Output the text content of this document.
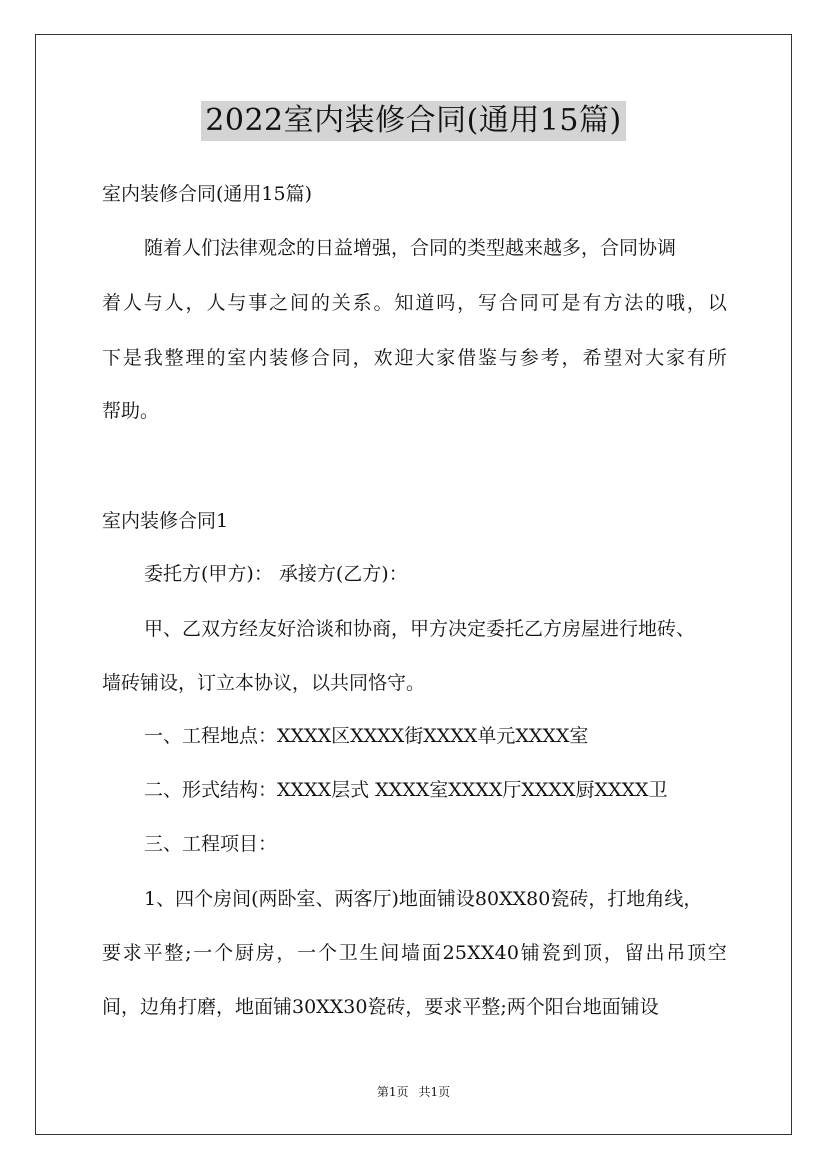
2022室内装修合同(通用15篇)
室内装修合同(通用15篇)
随着人们法律观念的日益增强，合同的类型越来越多，合同协调
着人与人，人与事之间的关系。知道吗，写合同可是有方法的哦，以
下是我整理的室内装修合同，欢迎大家借鉴与参考，希望对大家有所
帮助。
室内装修合同1
委托方(甲方)： 承接方(乙方)：
甲、乙双方经友好洽谈和协商，甲方决定委托乙方房屋进行地砖、
墙砖铺设，订立本协议，以共同恪守。
一、工程地点：XXXX区XXXX街XXXX单元XXXX室
二、形式结构：XXXX层式 XXXX室XXXX厅XXXX厨XXXX卫
三、工程项目：
1、四个房间(两卧室、两客厅)地面铺设80XX80瓷砖，打地角线，
要求平整;一个厨房，一个卫生间墙面25XX40铺瓷到顶，留出吊顶空
间，边角打磨，地面铺30XX30瓷砖，要求平整;两个阳台地面铺设
第1页 共1页
